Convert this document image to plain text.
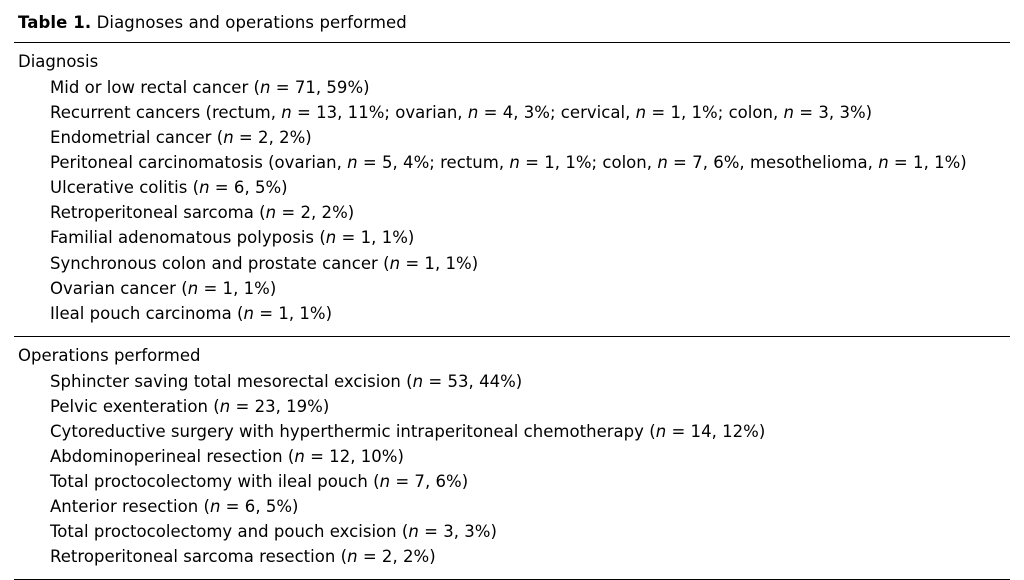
Table 1. Diagnoses and operations performed
Diagnosis
Mid or low rectal cancer (n = 71, 59%)
Recurrent cancers (rectum, n = 13, 11%; ovarian, n = 4, 3%; cervical, n = 1, 1%; colon, n = 3, 3%)
Endometrial cancer (n = 2, 2%)
Peritoneal carcinomatosis (ovarian, n = 5, 4%; rectum, n = 1, 1%; colon, n = 7, 6%, mesothelioma, n = 1, 1%)
Ulcerative colitis (n = 6, 5%)
Retroperitoneal sarcoma (n = 2, 2%)
Familial adenomatous polyposis (n = 1, 1%)
Synchronous colon and prostate cancer (n = 1, 1%)
Ovarian cancer (n = 1, 1%)
Ileal pouch carcinoma (n = 1, 1%)
Operations performed
Sphincter saving total mesorectal excision (n = 53, 44%)
Pelvic exenteration (n = 23, 19%)
Cytoreductive surgery with hyperthermic intraperitoneal chemotherapy (n = 14, 12%)
Abdominoperineal resection (n = 12, 10%)
Total proctocolectomy with ileal pouch (n = 7, 6%)
Anterior resection (n = 6, 5%)
Total proctocolectomy and pouch excision (n = 3, 3%)
Retroperitoneal sarcoma resection (n = 2, 2%)
